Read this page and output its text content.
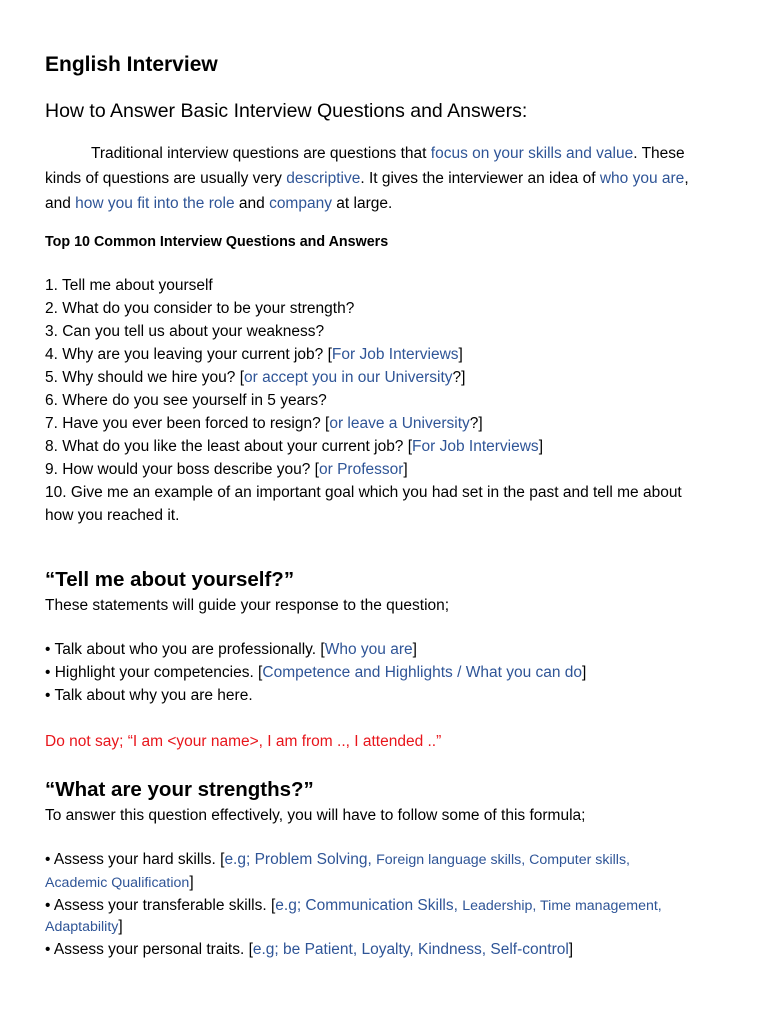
English Interview
How to Answer Basic Interview Questions and Answers:
Traditional interview questions are questions that focus on your skills and value. These
kinds of questions are usually very descriptive. It gives the interviewer an idea of who you are,
and how you fit into the role and company at large.
Top 10 Common Interview Questions and Answers
1. Tell me about yourself
2. What do you consider to be your strength?
3. Can you tell us about your weakness?
4. Why are you leaving your current job? [For Job Interviews]
5. Why should we hire you? [or accept you in our University?]
6. Where do you see yourself in 5 years?
7. Have you ever been forced to resign? [or leave a University?]
8. What do you like the least about your current job? [For Job Interviews]
9. How would your boss describe you? [or Professor]
10. Give me an example of an important goal which you had set in the past and tell me about
how you reached it.
“Tell me about yourself?”
These statements will guide your response to the question;
• Talk about who you are professionally. [Who you are]
• Highlight your competencies. [Competence and Highlights / What you can do]
• Talk about why you are here.
Do not say; “I am <your name>, I am from .., I attended ..”
“What are your strengths?”
To answer this question effectively, you will have to follow some of this formula;
• Assess your hard skills. [e.g; Problem Solving, Foreign language skills, Computer skills,
Academic Qualification]
• Assess your transferable skills. [e.g; Communication Skills, Leadership, Time management,
Adaptability]
• Assess your personal traits. [e.g; be Patient, Loyalty, Kindness, Self-control]
